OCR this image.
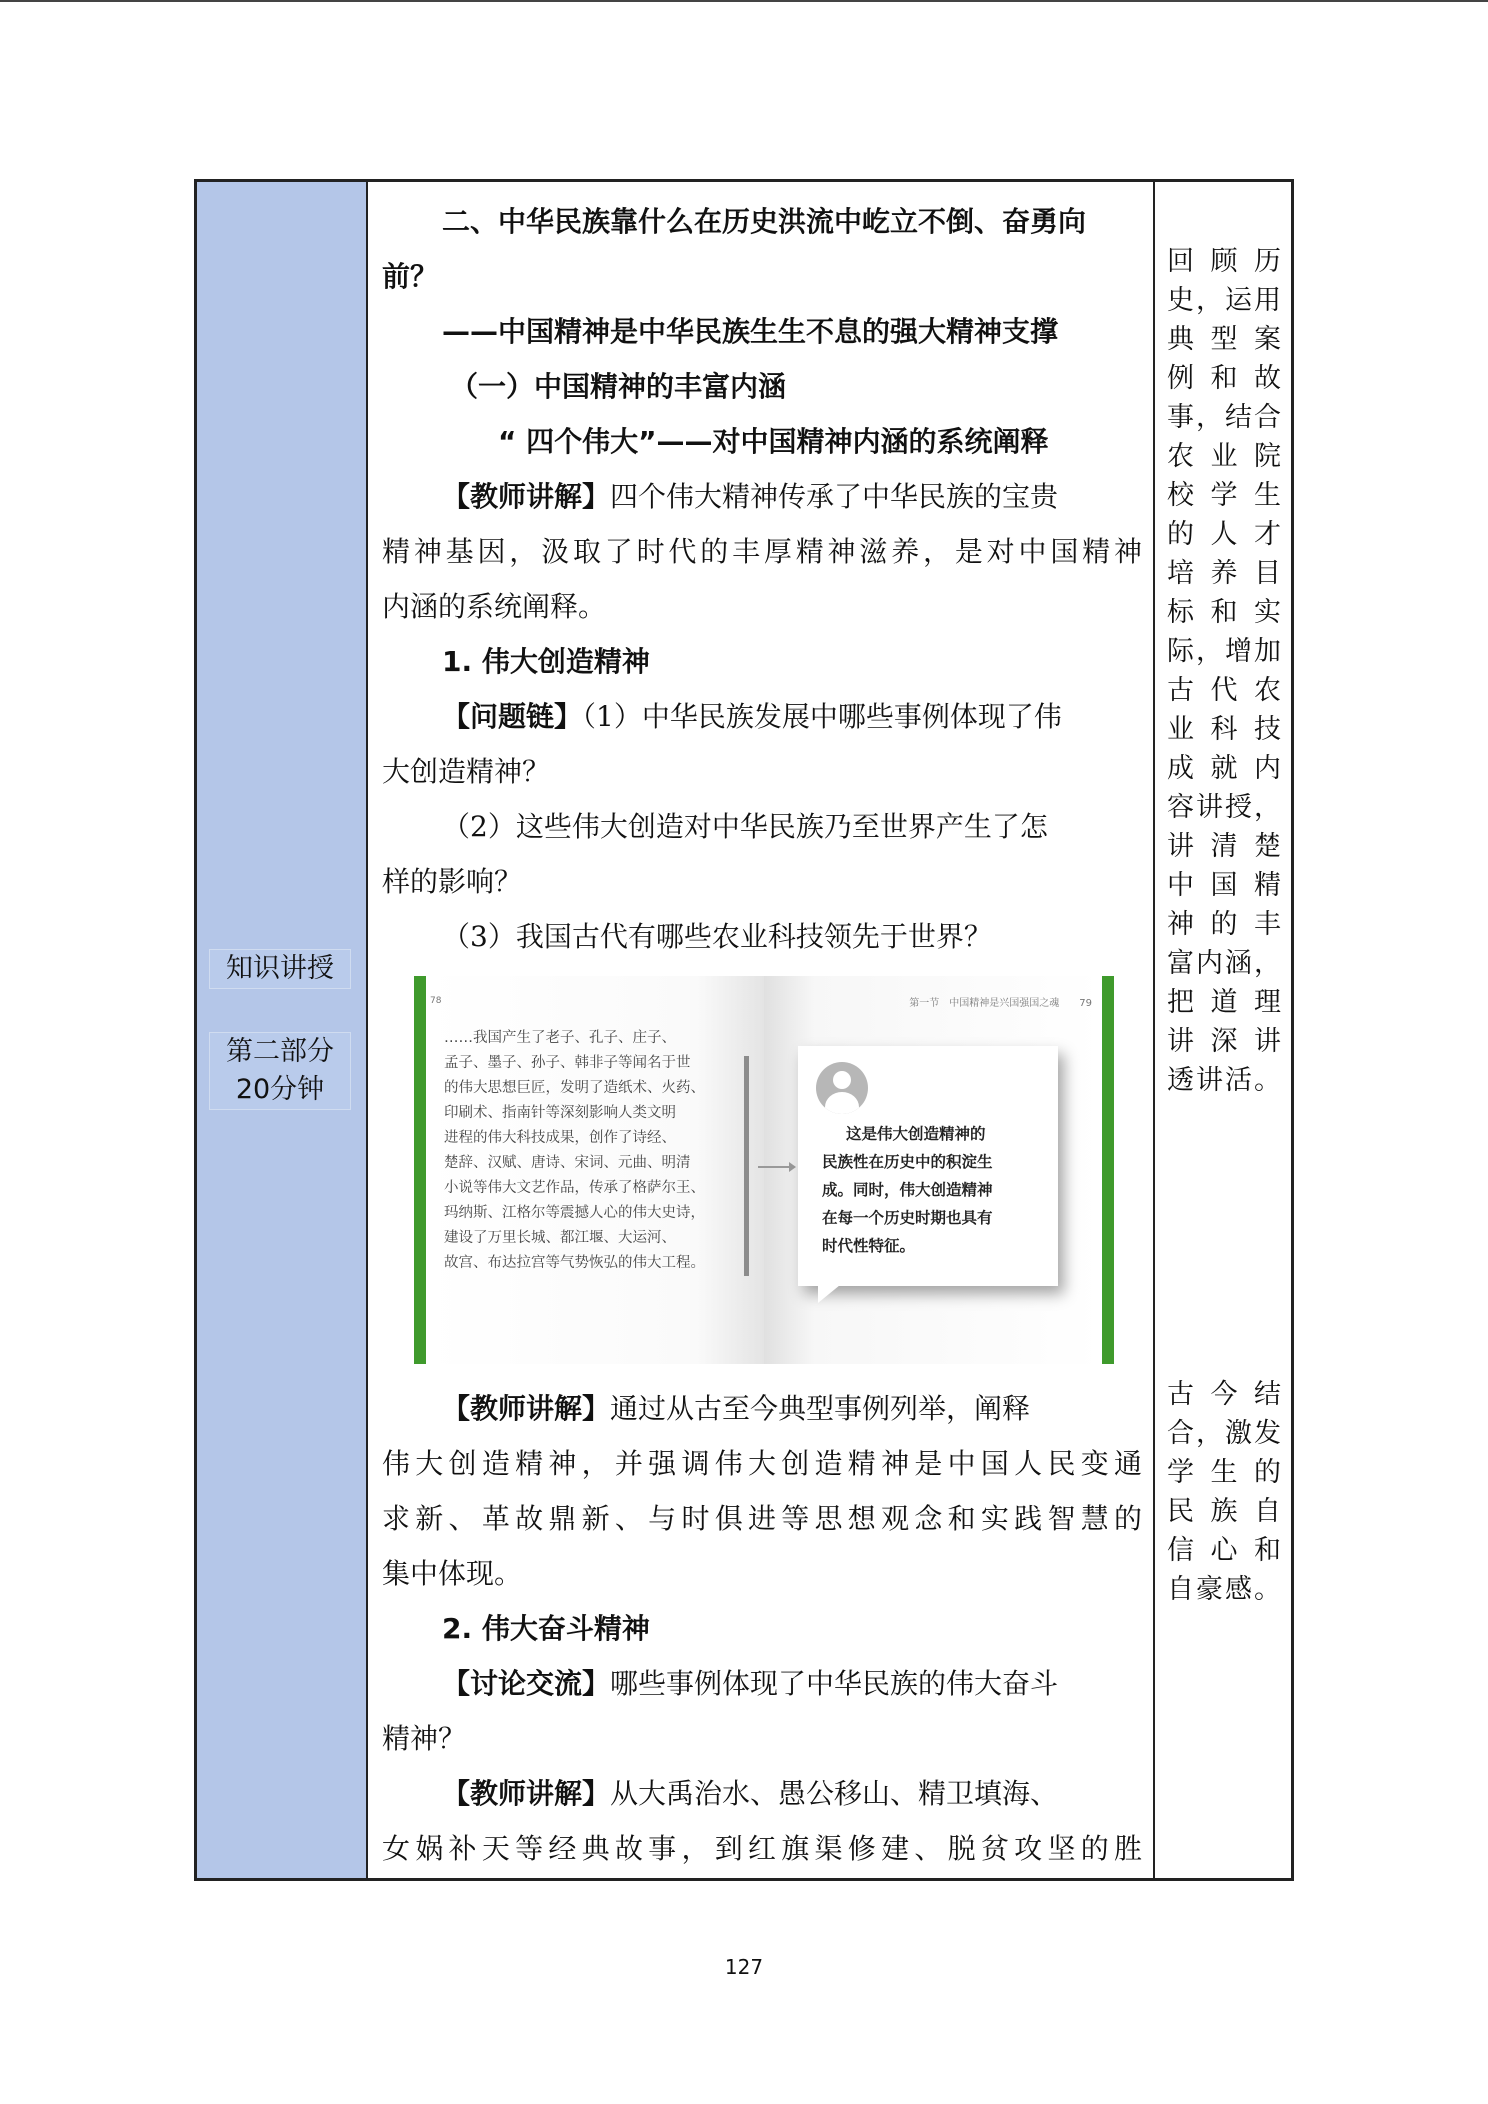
知识讲授
第二部分
20分钟
二、中华民族靠什么在历史洪流中屹立不倒、奋勇向
前？
——中国精神是中华民族生生不息的强大精神支撑
（一）中国精神的丰富内涵
“ 四个伟大”——对中国精神内涵的系统阐释
【教师讲解】四个伟大精神传承了中华民族的宝贵
精神基因，汲取了时代的丰厚精神滋养，是对中国精神
内涵的系统阐释。
1. 伟大创造精神
【问题链】（1）中华民族发展中哪些事例体现了伟
大创造精神？
（2）这些伟大创造对中华民族乃至世界产生了怎
样的影响？
（3）我国古代有哪些农业科技领先于世界？
78	第一节　中国精神是兴国强国之魂　　79
……我国产生了老子、孔子、庄子、
孟子、墨子、孙子、韩非子等闻名于世
的伟大思想巨匠，发明了造纸术、火药、
印刷术、指南针等深刻影响人类文明
进程的伟大科技成果，创作了诗经、
楚辞、汉赋、唐诗、宋词、元曲、明清
小说等伟大文艺作品，传承了格萨尔王、
玛纳斯、江格尔等震撼人心的伟大史诗，
建设了万里长城、都江堰、大运河、
故宫、布达拉宫等气势恢弘的伟大工程。
这是伟大创造精神的
民族性在历史中的积淀生
成。同时，伟大创造精神
在每一个历史时期也具有
时代性特征。
【教师讲解】通过从古至今典型事例列举，阐释
伟大创造精神，并强调伟大创造精神是中国人民变通
求新、革故鼎新、与时俱进等思想观念和实践智慧的
集中体现。
2. 伟大奋斗精神
【讨论交流】哪些事例体现了中华民族的伟大奋斗
精神？
【教师讲解】从大禹治水、愚公移山、精卫填海、
女娲补天等经典故事，到红旗渠修建、脱贫攻坚的胜
回顾历
史，运用
典型案
例和故
事，结合
农业院
校学生
的人才
培养目
标和实
际，增加
古代农
业科技
成就内
容讲授，
讲清楚
中国精
神的丰
富内涵，
把道理
讲深讲
透讲活。
古今结
合，激发
学生的
民族自
信心和
自豪感。
127
